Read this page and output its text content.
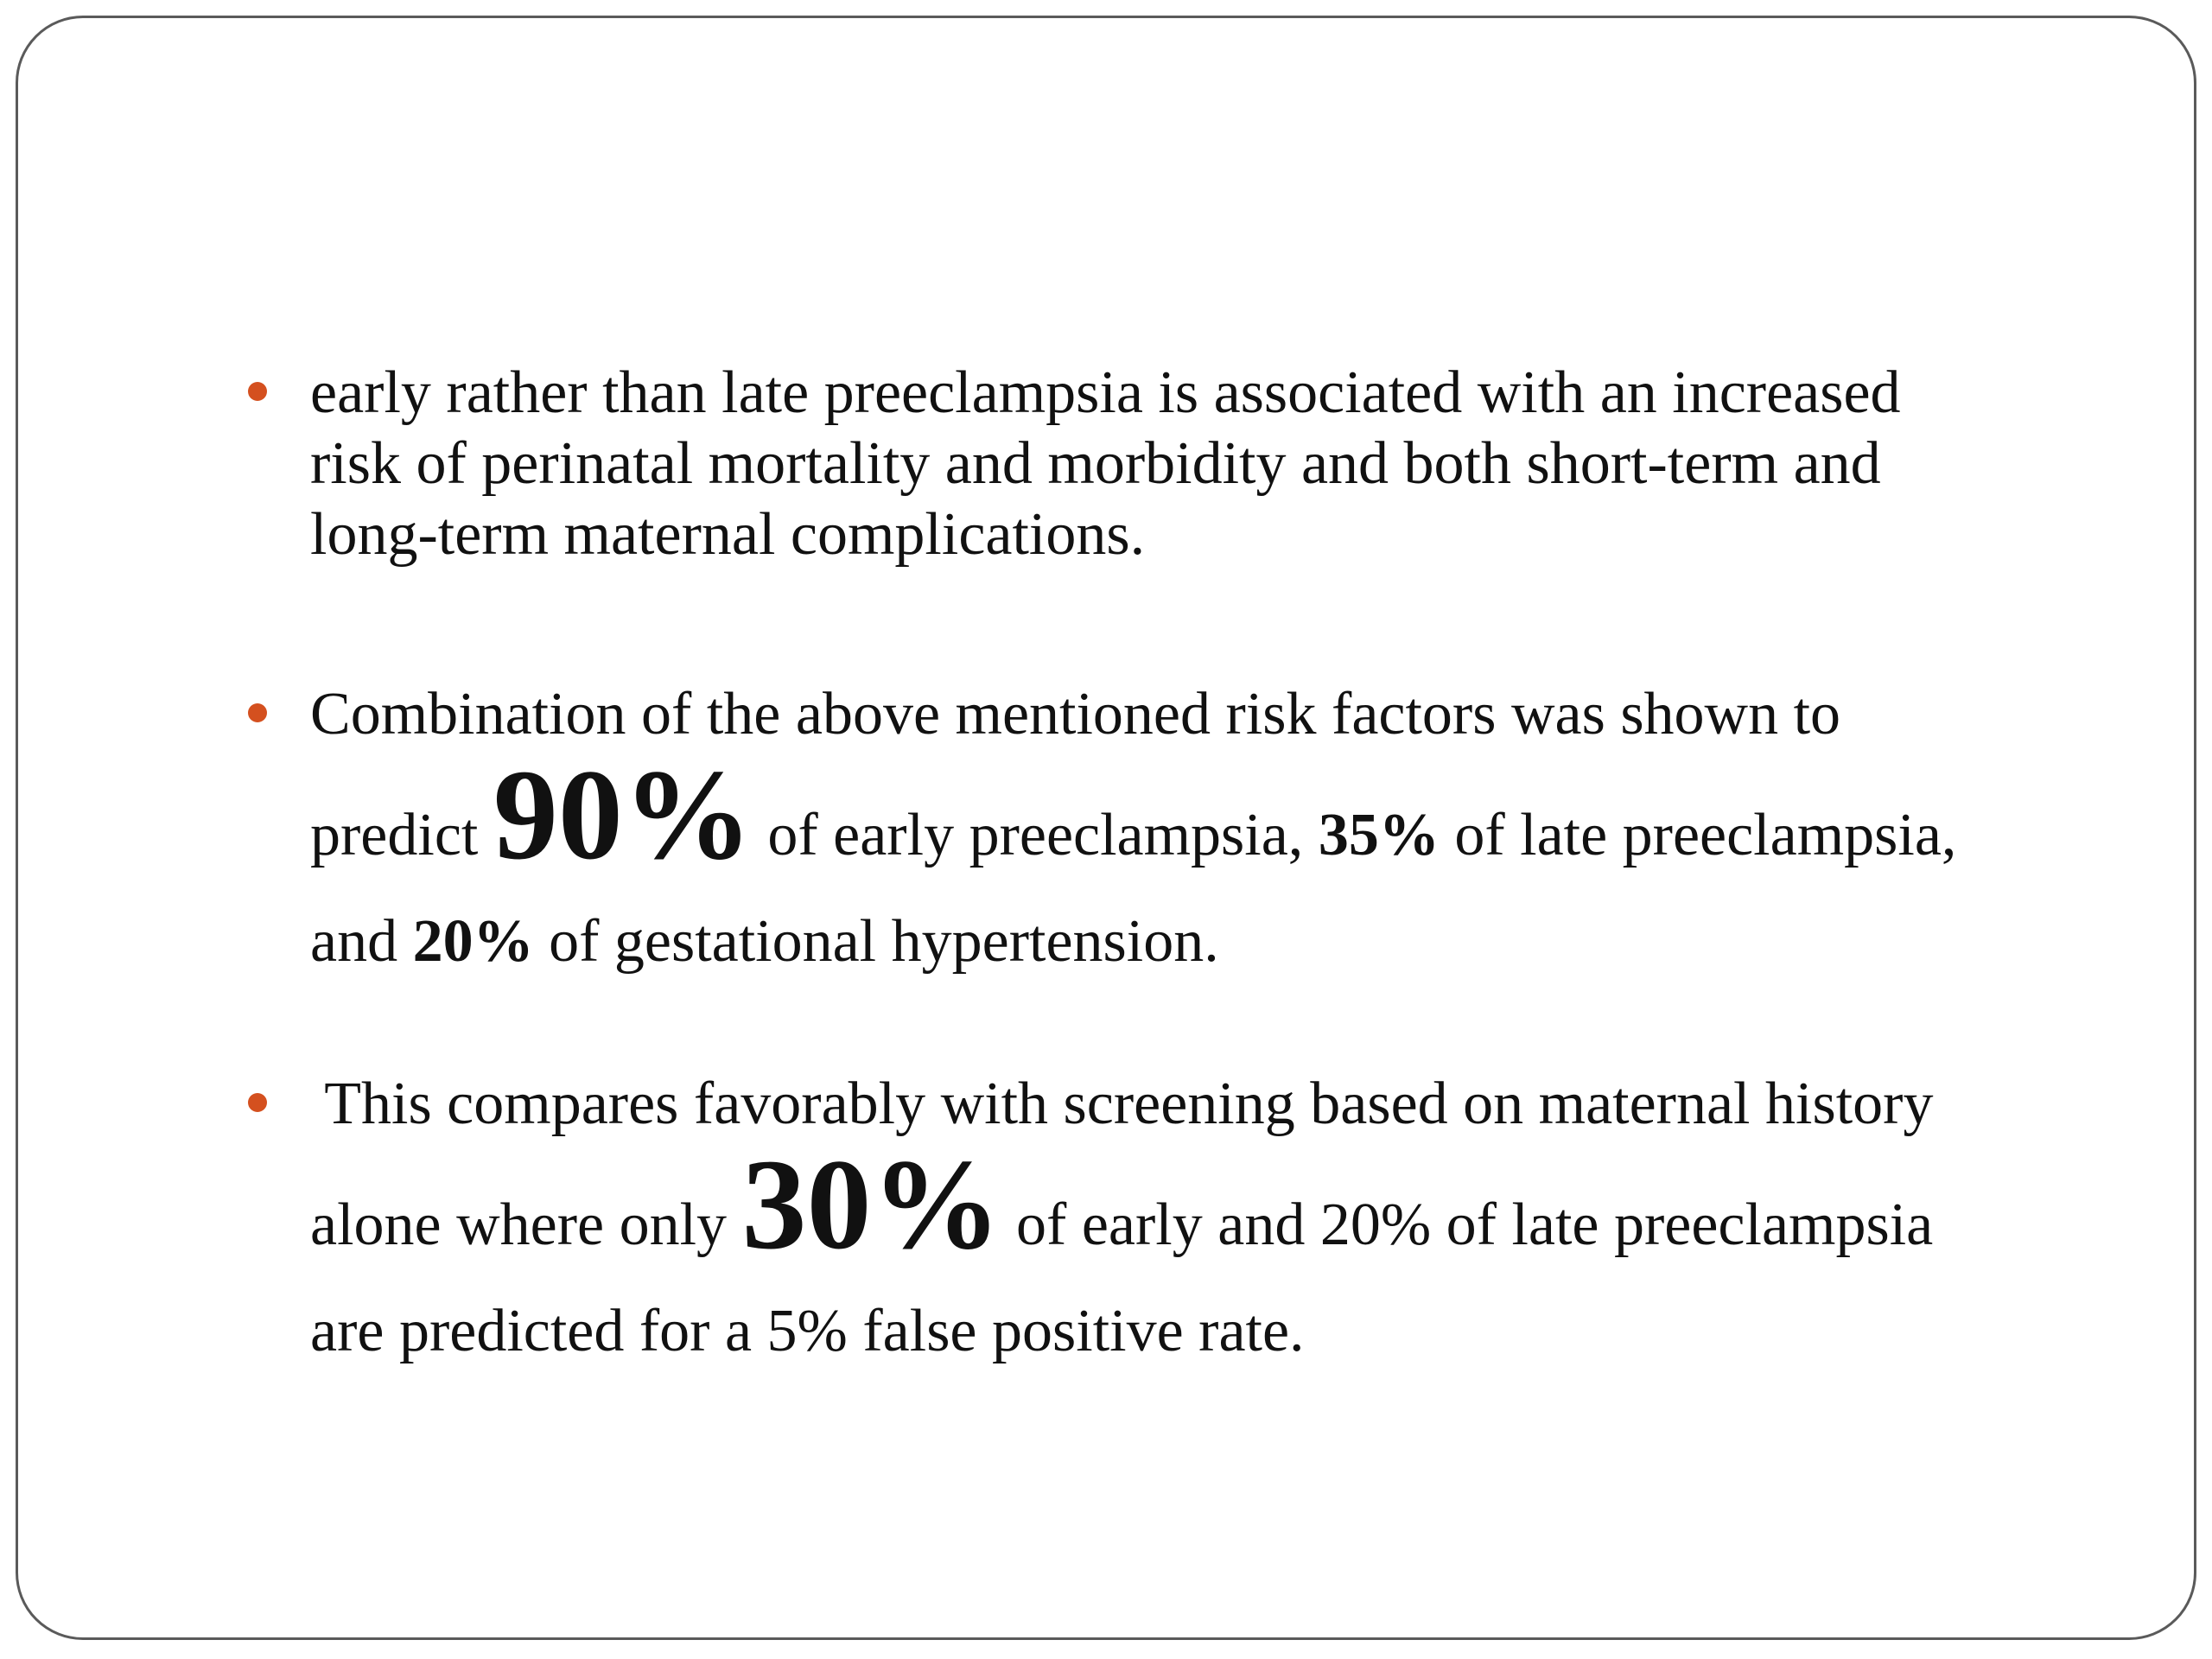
early rather than late preeclampsia is associated with an increased
risk of perinatal mortality and morbidity and both short-term and
long-term maternal complications.
Combination of the above mentioned risk factors was shown to
predict 90% of early preeclampsia, 35% of late preeclampsia,
and 20% of gestational hypertension.
This compares favorably with screening based on maternal history
alone where only 30% of early and 20% of late preeclampsia
are predicted for a 5% false positive rate.
